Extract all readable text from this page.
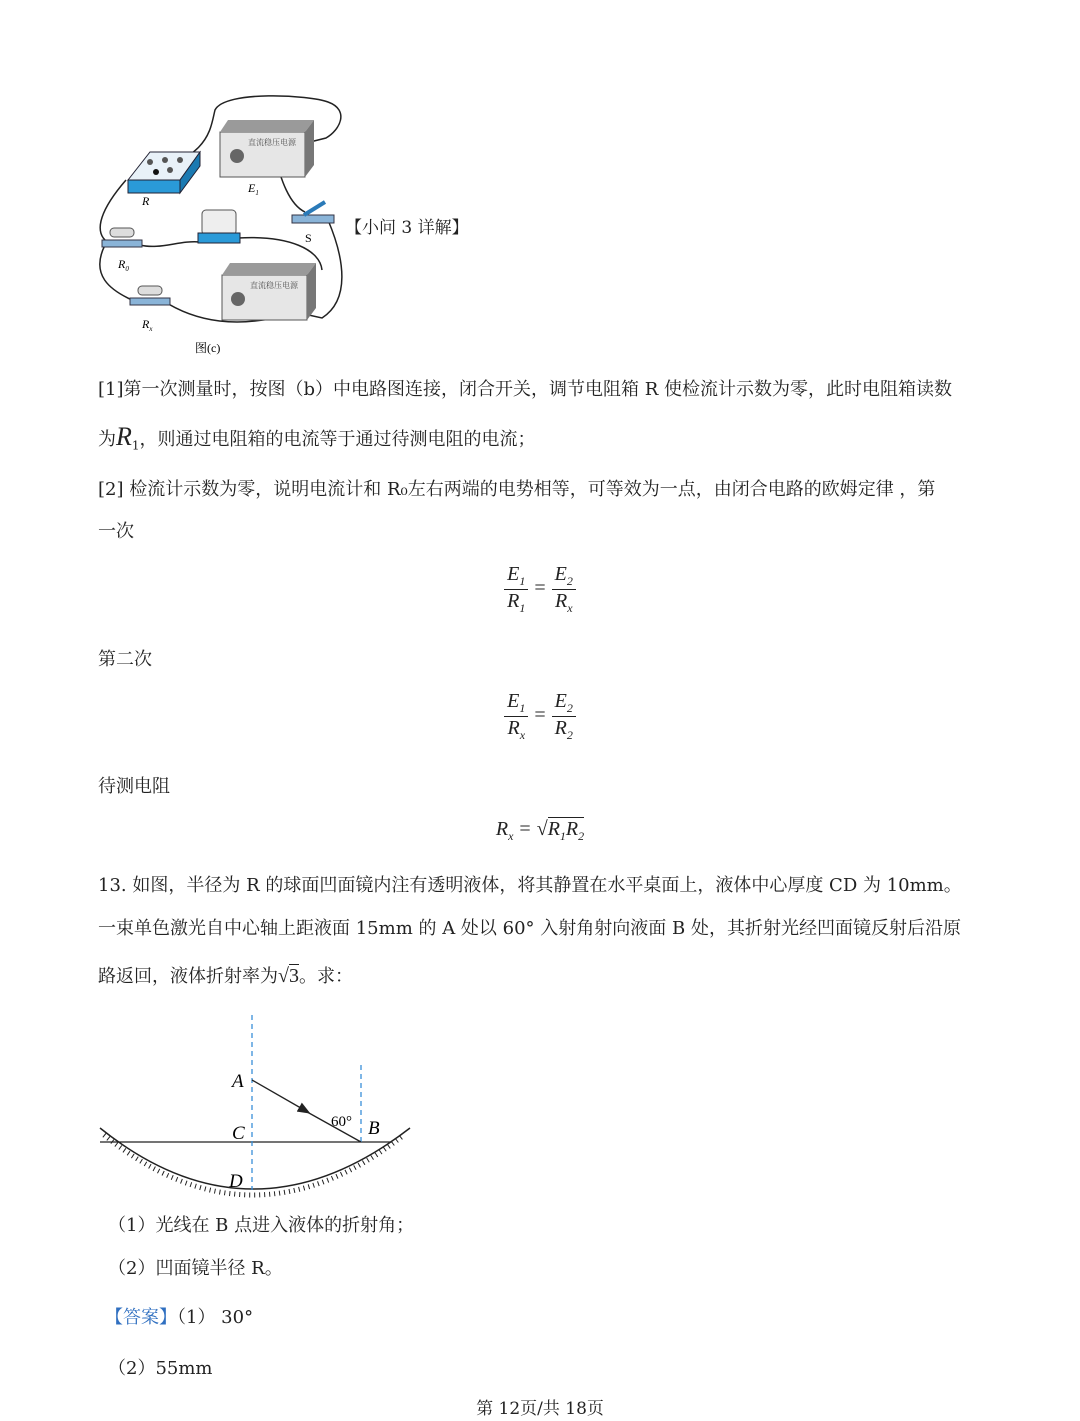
R
直流稳压电源
$E_1$
S
$R_0$
$R_x$
直流稳压电源
图(c)
【小问 3 详解】
[1]第一次测量时，按图（b）中电路图连接，闭合开关，调节电阻箱 R 使检流计示数为零，此时电阻箱读数
为$R_1$，则通过电阻箱的电流等于通过待测电阻的电流；
[2] 检流计示数为零，说明电流计和 R₀左右两端的电势相等，可等效为一点，由闭合电路的欧姆定律 ，第
一次
$\frac{E_1}{R_1} = \frac{E_2}{R_x}$
第二次
$\frac{E_1}{R_x} = \frac{E_2}{R_2}$
待测电阻
$R_x = √R_1R_2$
13. 如图，半径为 R 的球面凹面镜内注有透明液体，将其静置在水平桌面上，液体中心厚度 CD 为 10mm。
一束单色激光自中心轴上距液面 15mm 的 A 处以 60° 入射角射向液面 B 处，其折射光经凹面镜反射后沿原
路返回，液体折射率为√3。求：
A
B
C
D
60°
（1）光线在 B 点进入液体的折射角；
（2）凹面镜半径 R。
【答案】（1） 30°
（2）55mm
第 12页/共 18页
